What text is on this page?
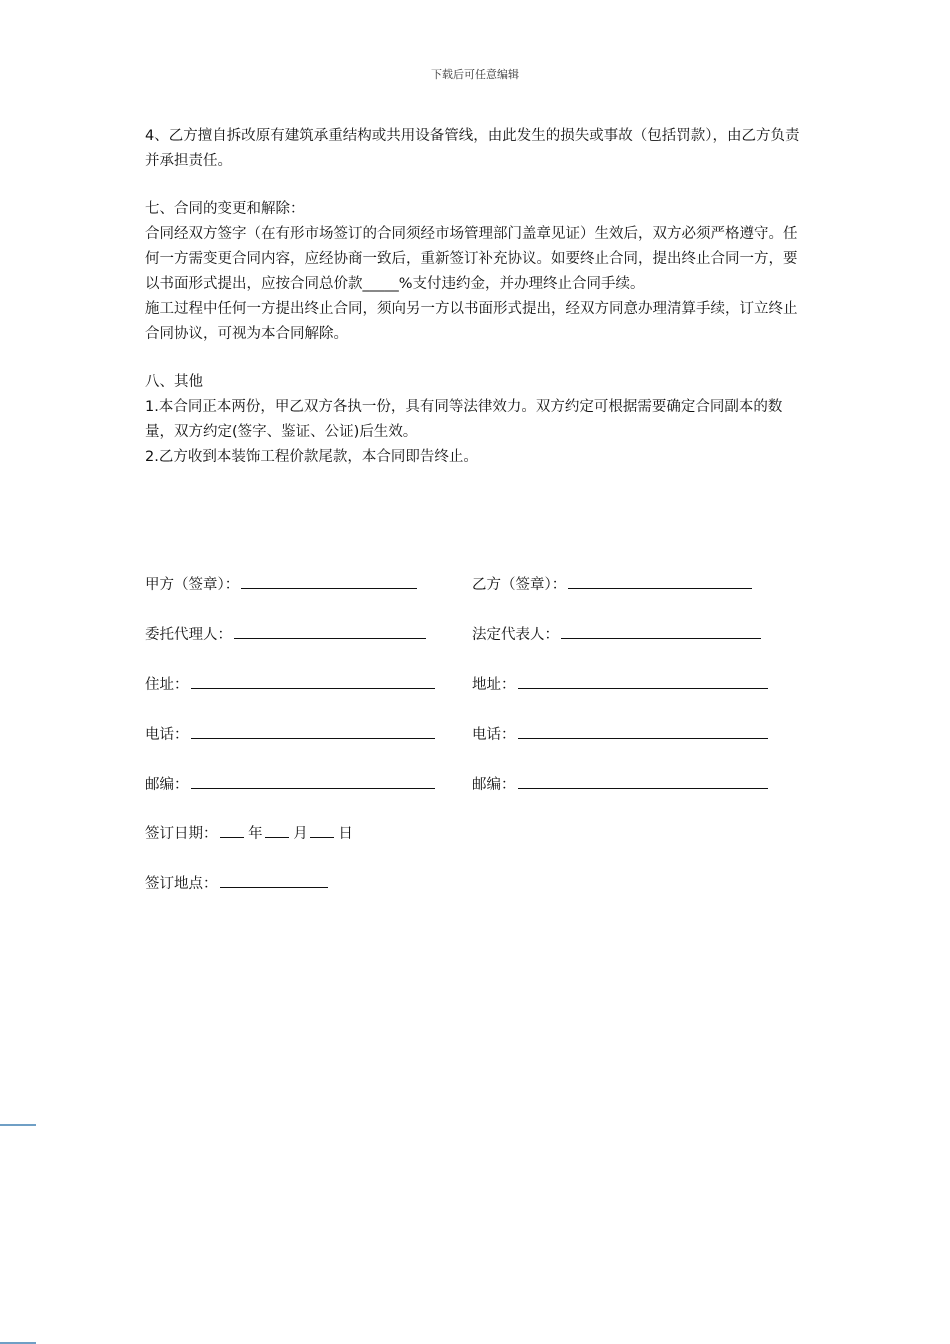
下载后可任意编辑

4、乙方擅自拆改原有建筑承重结构或共用设备管线，由此发生的损失或事故（包括罚款），由乙方负责并承担责任。

七、合同的变更和解除：

合同经双方签字（在有形市场签订的合同须经市场管理部门盖章见证）生效后，双方必须严格遵守。任何一方需变更合同内容，应经协商一致后，重新签订补充协议。如要终止合同，提出终止合同一方，要以书面形式提出，应按合同总价款_____%支付违约金，并办理终止合同手续。

施工过程中任何一方提出终止合同，须向另一方以书面形式提出，经双方同意办理清算手续，订立终止合同协议，可视为本合同解除。

八、其他

1.本合同正本两份，甲乙双方各执一份，具有同等法律效力。双方约定可根据需要确定合同副本的数量，双方约定(签字、鉴证、公证)后生效。

2.乙方收到本装饰工程价款尾款，本合同即告终止。

甲方（签章）：	乙方（签章）：
委托代理人：	法定代表人：
住址：	地址：
电话：	电话：
邮编：	邮编：
签订日期： 年 月 日
签订地点：
